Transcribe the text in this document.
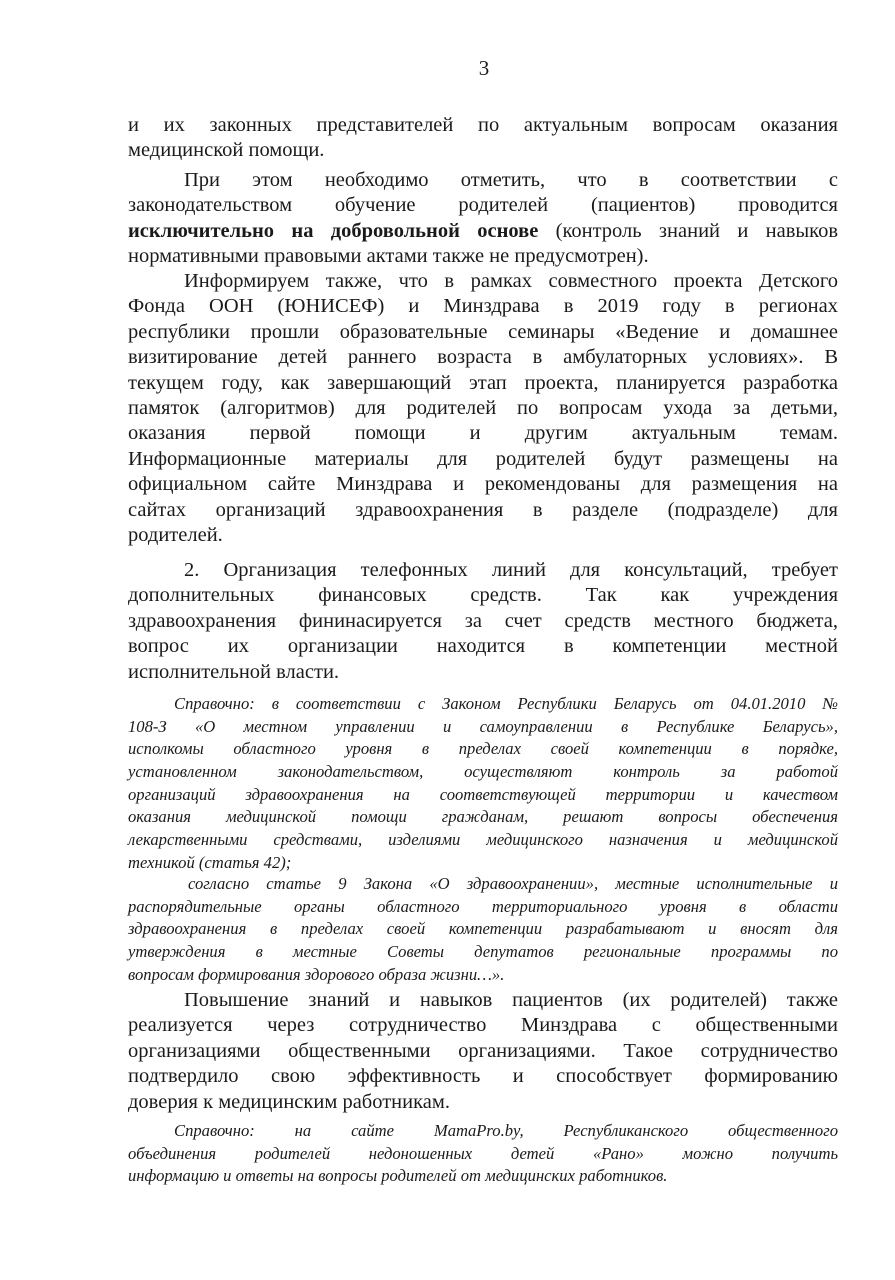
3
и их законных представителей по актуальным вопросам оказания
медицинской помощи.
При этом необходимо отметить, что в соответствии с
законодательством обучение родителей (пациентов) проводится
исключительно на добровольной основе (контроль знаний и навыков
нормативными правовыми актами также не предусмотрен).
Информируем также, что в рамках совместного проекта Детского
Фонда ООН (ЮНИСЕФ) и Минздрава в 2019 году в регионах
республики прошли образовательные семинары «Ведение и домашнее
визитирование детей раннего возраста в амбулаторных условиях». В
текущем году, как завершающий этап проекта, планируется разработка
памяток (алгоритмов) для родителей по вопросам ухода за детьми,
оказания первой помощи и другим актуальным темам.
Информационные материалы для родителей будут размещены на
официальном сайте Минздрава и рекомендованы для размещения на
сайтах организаций здравоохранения в разделе (подразделе) для
родителей.
2. Организация телефонных линий для консультаций, требует
дополнительных финансовых средств. Так как учреждения
здравоохранения фининасируется за счет средств местного бюджета,
вопрос их организации находится в компетенции местной
исполнительной власти.
Справочно: в соответствии с Законом Республики Беларусь от 04.01.2010 №
108-З «О местном управлении и самоуправлении в Республике Беларусь»,
исполкомы областного уровня в пределах своей компетенции в порядке,
установленном законодательством, осуществляют контроль за работой
организаций здравоохранения на соответствующей территории и качеством
оказания медицинской помощи гражданам, решают вопросы обеспечения
лекарственными средствами, изделиями медицинского назначения и медицинской
техникой (статья 42);
согласно статье 9 Закона «О здравоохранении», местные исполнительные и
распорядительные органы областного территориального уровня в области
здравоохранения в пределах своей компетенции разрабатывают и вносят для
утверждения в местные Советы депутатов региональные программы по
вопросам формирования здорового образа жизни…».
Повышение знаний и навыков пациентов (их родителей) также
реализуется через сотрудничество Минздрава с общественными
организациями общественными организациями. Такое сотрудничество
подтвердило свою эффективность и способствует формированию
доверия к медицинским работникам.
Справочно: на сайте MamaPro.by, Республиканского общественного
объединения родителей недоношенных детей «Рано» можно получить
информацию и ответы на вопросы родителей от медицинских работников.
